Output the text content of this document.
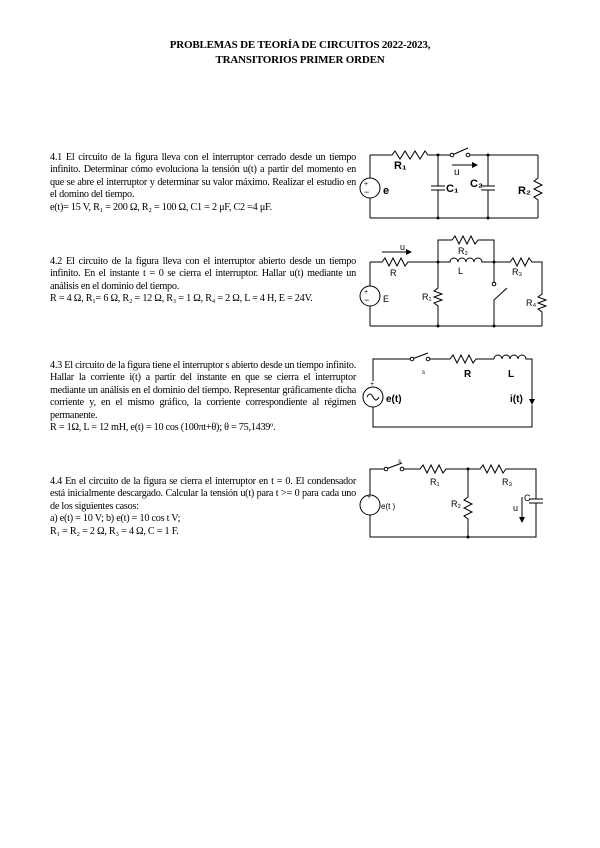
PROBLEMAS DE TEORÍA DE CIRCUITOS 2022-2023,
TRANSITORIOS PRIMER ORDEN

4.1 El circuito de la figura lleva con el interruptor cerrado desde un tiempo infinito. Determinar cómo evoluciona la tensión u(t) a partir del momento en que se abre el interruptor y determinar su valor máximo. Realizar el estudio en el domino del tiempo.

e(t)= 15 V, R₁ = 200 Ω, R₂ = 100 Ω, C1 = 2 μF, C2 =4 μF.

+
−
R₁
u
e	C₁ C₂
R₂

4.2 El circuito de la figura lleva con el interruptor abierto desde un tiempo infinito. En el instante t = 0 se cierra el interruptor. Hallar u(t) mediante un análisis en el dominio del tiempo.

R = 4 Ω, R₁= 6 Ω, R₂ = 12 Ω, R₃ = 1 Ω, R₄ = 2 Ω, L = 4 H, E = 24V.

+
−
u
R
R₂
L	R₃
E	R₁
R₄

4.3 El circuito de la figura tiene el interruptor s abierto desde un tiempo infinito. Hallar la corriente i(t) a partir del instante en que se cierra el interruptor mediante un análisis en el dominio del tiempo. Representar gráficamente dicha corriente y, en el mismo gráfico, la corriente correspondiente al régimen permanente.

R = 1Ω, L = 12 mH, e(t) = 10 cos (100πt+θ); θ = 75,1439º.

s
+
R	L
e(t)	i(t)

4.4 En el circuito de la figura se cierra el interruptor en t = 0. El condensador está inicialmente descargado. Calcular la tensión u(t) para t >= 0 para cada uno de los siguientes casos:

a) e(t) = 10 V; b) e(t) = 10 cos t V;

R₁ = R₂ = 2 Ω, R₃ = 4 Ω, C = 1 F.

s
+
e(t )
R₁	R₃
R₂	u
C
